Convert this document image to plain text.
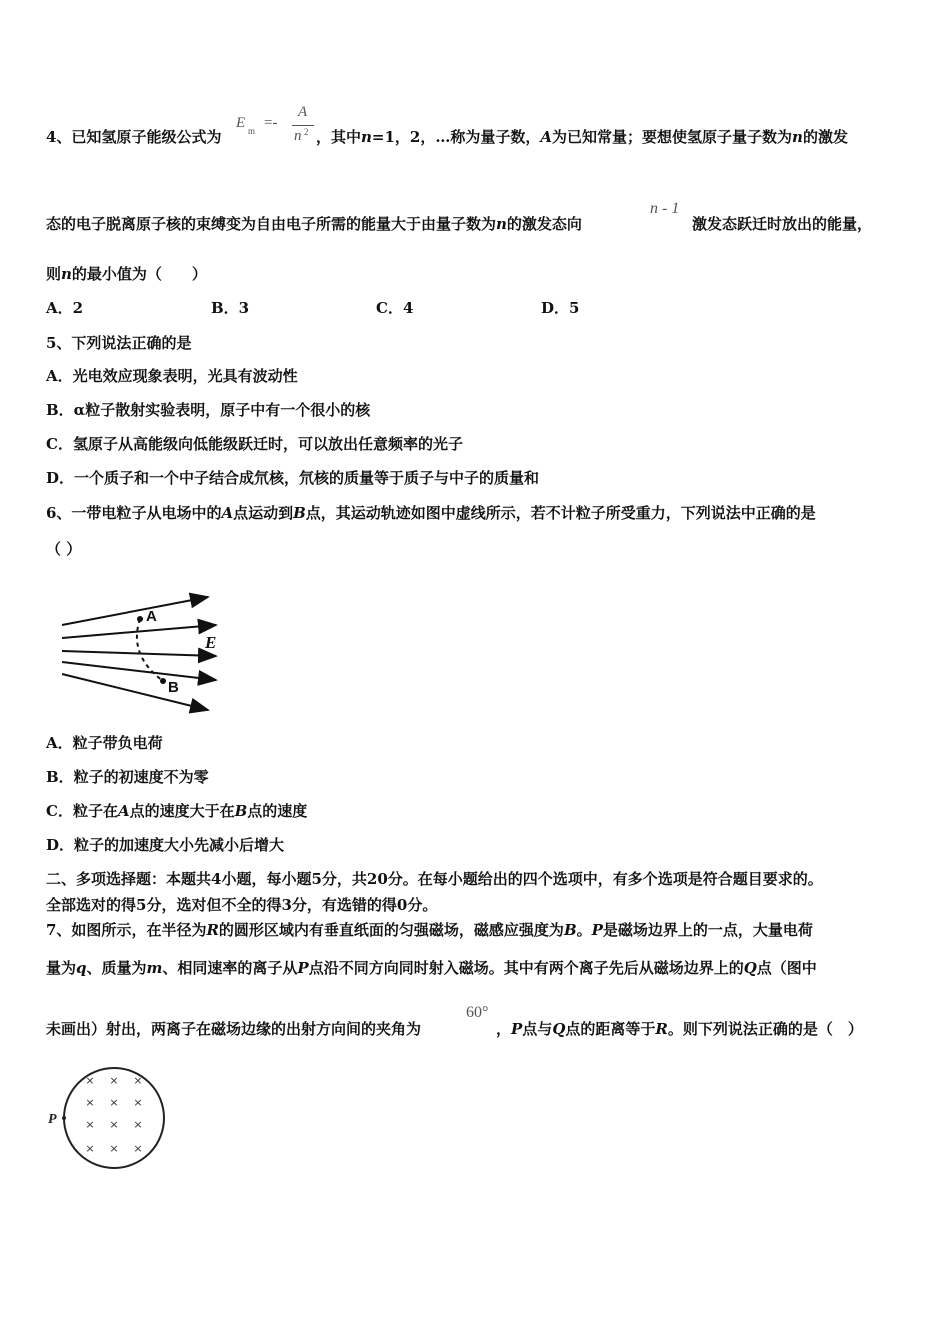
4、已知氢原子能级公式为
E m =-
A
n 2 ，其中n=1，2，…称为量子数，A为已知常量；要想使氢原子量子数为n的激发
态的电子脱离原子核的束缚变为自由电子所需的能量大于由量子数为n的激发态向
n - 1
激发态跃迁时放出的能量，
则n的最小值为（　　）
A．2	B．3	C．4	D．5
5、下列说法正确的是
A．光电效应现象表明，光具有波动性
B．α粒子散射实验表明，原子中有一个很小的核
C．氢原子从高能级向低能级跃迁时，可以放出任意频率的光子
D．一个质子和一个中子结合成氘核，氘核的质量等于质子与中子的质量和
6、一带电粒子从电场中的A点运动到B点，其运动轨迹如图中虚线所示，若不计粒子所受重力，下列说法中正确的是
（ ）
A
B
E
A．粒子带负电荷
B．粒子的初速度不为零
C．粒子在A点的速度大于在B点的速度
D．粒子的加速度大小先减小后增大
二、多项选择题：本题共4小题，每小题5分，共20分。在每小题给出的四个选项中，有多个选项是符合题目要求的。
全部选对的得5分，选对但不全的得3分，有选错的得0分。
7、如图所示，在半径为R的圆形区域内有垂直纸面的匀强磁场，磁感应强度为B。P是磁场边界上的一点，大量电荷
量为q、质量为m、相同速率的离子从P点沿不同方向同时射入磁场。其中有两个离子先后从磁场边界上的Q点（图中
未画出）射出，两离子在磁场边缘的出射方向间的夹角为
60°
，P点与Q点的距离等于R。则下列说法正确的是（　）
P
× × ×
× × ×
× × ×
× × ×
